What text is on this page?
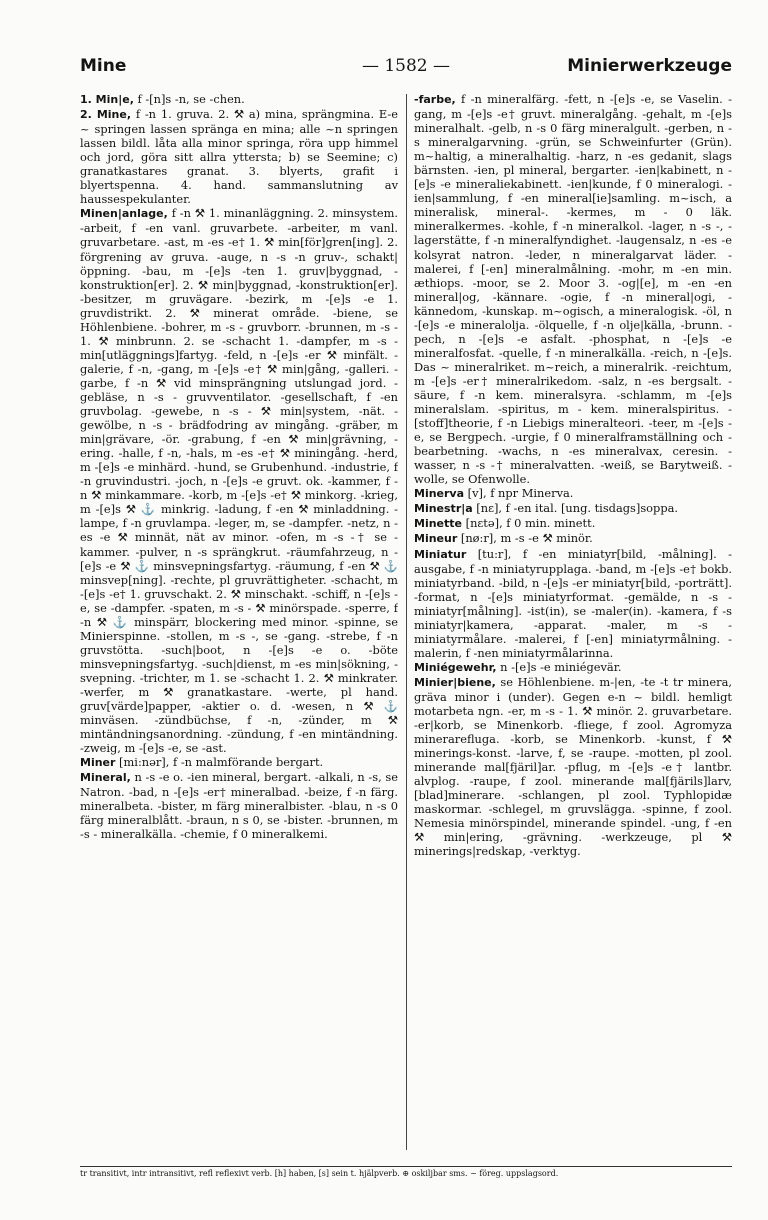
Mine	— 1582 —	Minierwerkzeuge

1. Min|e, f -[n]s -n, se -chen.

2. Mine, f -n 1. gruva. 2. ⚒ a) mina, sprängmina. E-e ~ springen lassen spränga en mina; alle ~n springen lassen bildl. låta alla minor springa, röra upp himmel och jord, göra sitt allra yttersta; b) se Seemine; c) granatkastares granat. 3. blyerts, grafit i blyertspenna. 4. hand. sammanslutning av haussespekulanter.

Minen|anlage, f -n ⚒ 1. minanläggning. 2. minsystem. -arbeit, f -en vanl. gruvarbete. -arbeiter, m vanl. gruvarbetare. -ast, m -es -e† 1. ⚒ min[för]gren[ing]. 2. förgrening av gruva. -auge, n -s -n gruv-, schakt|öppning. -bau, m -[e]s -ten 1. gruv|byggnad, -konstruktion[er]. 2. ⚒ min|byggnad, -konstruktion[er]. -besitzer, m gruvägare. -bezirk, m -[e]s -e 1. gruvdistrikt. 2. ⚒ minerat område. -biene, se Höhlenbiene. -bohrer, m -s - gruvborr. -brunnen, m -s - 1. ⚒ minbrunn. 2. se -schacht 1. -dampfer, m -s - min[utläggnings]fartyg. -feld, n -[e]s -er ⚒ minfält. -galerie, f -n, -gang, m -[e]s -e† ⚒ min|gång, -galleri. -garbe, f -n ⚒ vid minsprängning utslungad jord. -gebläse, n -s - gruvventilator. -gesellschaft, f -en gruvbolag. -gewebe, n -s - ⚒ min|system, -nät. -gewölbe, n -s - brädfodring av mingång. -gräber, m min|grävare, -ör. -grabung, f -en ⚒ min|grävning, -ering. -halle, f -n, -hals, m -es -e† ⚒ miningång. -herd, m -[e]s -e minhärd. -hund, se Grubenhund. -industrie, f -n gruvindustri. -joch, n -[e]s -e gruvt. ok. -kammer, f -n ⚒ minkammare. -korb, m -[e]s -e† ⚒ minkorg. -krieg, m -[e]s ⚒ ⚓ minkrig. -ladung, f -en ⚒ minladdning. -lampe, f -n gruvlampa. -leger, m, se -dampfer. -netz, n -es -e ⚒ minnät, nät av minor. -ofen, m -s -† se -kammer. -pulver, n -s sprängkrut. -räumfahrzeug, n -[e]s -e ⚒ ⚓ minsvepningsfartyg. -räumung, f -en ⚒ ⚓ minsvep[ning]. -rechte, pl gruvrättigheter. -schacht, m -[e]s -e† 1. gruvschakt. 2. ⚒ minschakt. -schiff, n -[e]s -e, se -dampfer. -spaten, m -s - ⚒ minörspade. -sperre, f -n ⚒ ⚓ minspärr, blockering med minor. -spinne, se Minierspinne. -stollen, m -s -, se -gang. -strebe, f -n gruvstötta. -such|boot, n -[e]s -e o. -böte minsvepningsfartyg. -such|dienst, m -es min|sökning, -svepning. -trichter, m 1. se -schacht 1. 2. ⚒ minkrater. -werfer, m ⚒ granatkastare. -werte, pl hand. gruv[värde]papper, -aktier o. d. -wesen, n ⚒ ⚓ minväsen. -zündbüchse, f -n, -zünder, m ⚒ mintändningsanordning. -zündung, f -en mintändning. -zweig, m -[e]s -e, se -ast.

Miner [mi:nər], f -n malmförande bergart.

Mineral, n -s -e o. -ien mineral, bergart. -alkali, n -s, se Natron. -bad, n -[e]s -er† mineralbad. -beize, f -n färg. mineralbeta. -bister, m färg mineralbister. -blau, n -s 0 färg mineralblått. -braun, n s 0, se -bister. -brunnen, m -s - mineralkälla. -chemie, f 0 mineralkemi.

-farbe, f -n mineralfärg. -fett, n -[e]s -e, se Vaselin. -gang, m -[e]s -e† gruvt. mineralgång. -gehalt, m -[e]s mineralhalt. -gelb, n -s 0 färg mineralgult. -gerben, n -s mineralgarvning. -grün, se Schweinfurter (Grün). m~haltig, a mineralhaltig. -harz, n -es gedanit, slags bärnsten. -ien, pl mineral, bergarter. -ien|kabinett, n -[e]s -e mineraliekabinett. -ien|kunde, f 0 mineralogi. -ien|sammlung, f -en mineral[ie]samling. m~isch, a mineralisk, mineral-. -kermes, m - 0 läk. mineralkermes. -kohle, f -n mineralkol. -lager, n -s -, -lagerstätte, f -n mineralfyndighet. -laugensalz, n -es -e kolsyrat natron. -leder, n mineralgarvat läder. -malerei, f [-en] mineralmålning. -mohr, m -en min. æthiops. -moor, se 2. Moor 3. -og|[e], m -en -en mineral|og, -kännare. -ogie, f -n mineral|ogi, -kännedom, -kunskap. m~ogisch, a mineralogisk. -öl, n -[e]s -e mineralolja. -ölquelle, f -n olje|källa, -brunn. -pech, n -[e]s -e asfalt. -phosphat, n -[e]s -e mineralfosfat. -quelle, f -n mineralkälla. -reich, n -[e]s. Das ~ mineralriket. m~reich, a mineralrik. -reichtum, m -[e]s -er† mineralrikedom. -salz, n -es bergsalt. -säure, f -n kem. mineralsyra. -schlamm, m -[e]s mineralslam. -spiritus, m - kem. mineralspiritus. -[stoff]theorie, f -n Liebigs mineralteori. -teer, m -[e]s -e, se Bergpech. -urgie, f 0 mineralframställning och -bearbetning. -wachs, n -es mineralvax, ceresin. -wasser, n -s -† mineralvatten. -weiß, se Barytweiß. -wolle, se Ofenwolle.

Minerva [v], f npr Minerva.

Minestr|a [nɛ], f -en ital. [ung. tisdags]soppa.

Minette [nɛtə], f 0 min. minett.

Mineur [nø:r], m -s -e ⚒ minör.

Miniatur [tu:r], f -en miniatyr[bild, -målning]. -ausgabe, f -n miniatyrupplaga. -band, m -[e]s -e† bokb. miniatyrband. -bild, n -[e]s -er miniatyr[bild, -porträtt]. -format, n -[e]s miniatyrformat. -gemälde, n -s - miniatyr[målning]. -ist(in), se -maler(in). -kamera, f -s miniatyr|kamera, -apparat. -maler, m -s - miniatyrmålare. -malerei, f [-en] miniatyrmålning. -malerin, f -nen miniatyrmålarinna.

Miniégewehr, n -[e]s -e miniégevär.

Minier|biene, se Höhlenbiene. m-|en, -te -t tr minera, gräva minor i (under). Gegen e-n ~ bildl. hemligt motarbeta ngn. -er, m -s - 1. ⚒ minör. 2. gruvarbetare. -er|korb, se Minenkorb. -fliege, f zool. Agromyza minerarefluga. -korb, se Minenkorb. -kunst, f ⚒ minerings-konst. -larve, f, se -raupe. -motten, pl zool. minerande mal[fjäril]ar. -pflug, m -[e]s -e† lantbr. alvplog. -raupe, f zool. minerande mal[fjärils]larv, [blad]minerare. -schlangen, pl zool. Typhlopidæ maskormar. -schlegel, m gruvslägga. -spinne, f zool. Nemesia minörspindel, minerande spindel. -ung, f -en ⚒ min|ering, -grävning. -werkzeuge, pl ⚒ minerings|redskap, -verktyg.

tr transitivt, intr intransitivt, refl reflexivt verb. [h] haben, [s] sein t. hjälpverb. ⊕ oskiljbar sms. ~ föreg. uppslagsord.
